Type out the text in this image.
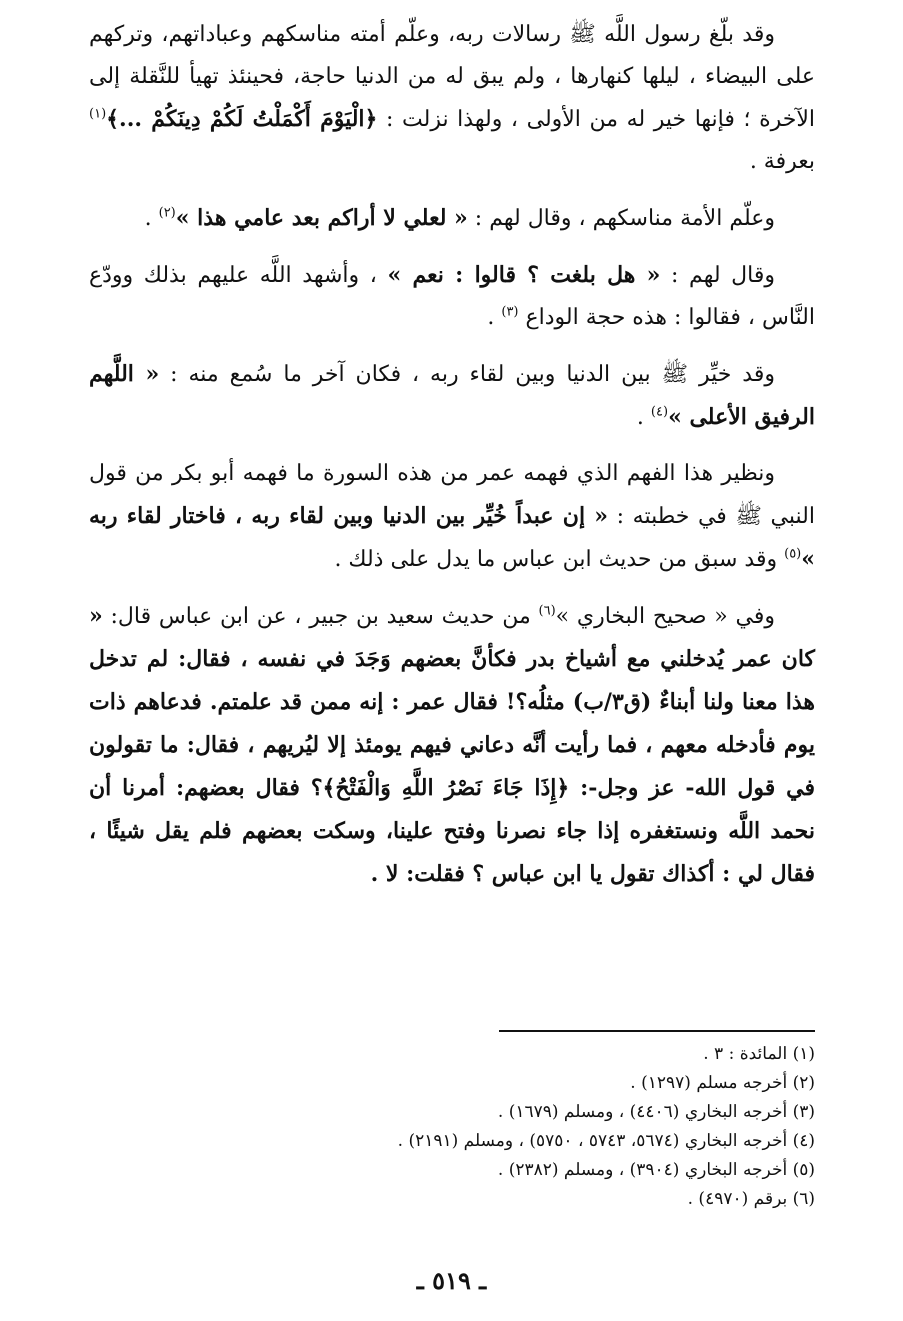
وقد بلّغ رسول اللَّه ﷺ رسالات ربه، وعلّم أمته مناسكهم وعباداتهم، وتركهم على البيضاء ، ليلها كنهارها ، ولم يبق له من الدنيا حاجة، فحينئذ تهيأ للنَّقلة إلى الآخرة ؛ فإنها خير له من الأولى ، ولهذا نزلت : ﴿الْيَوْمَ أَكْمَلْتُ لَكُمْ دِينَكُمْ ...﴾$^{(١)}$ بعرفة .

وعلّم الأمة مناسكهم ، وقال لهم : « لعلي لا أراكم بعد عامي هذا »$^{(٢)}$ .

وقال لهم : « هل بلغت ؟ قالوا : نعم » ، وأشهد اللَّه عليهم بذلك وودّع النَّاس ، فقالوا : هذه حجة الوداع $^{(٣)}$ .

وقد خيِّر ﷺ بين الدنيا وبين لقاء ربه ، فكان آخر ما سُمع منه : « اللَّهم الرفيق الأعلى »$^{(٤)}$ .

ونظير هذا الفهم الذي فهمه عمر من هذه السورة ما فهمه أبو بكر من قول النبي ﷺ في خطبته : « إن عبداً خُيِّر بين الدنيا وبين لقاء ربه ، فاختار لقاء ربه »$^{(٥)}$ وقد سبق من حديث ابن عباس ما يدل على ذلك .

وفي « صحيح البخاري »$^{(٦)}$ من حديث سعيد بن جبير ، عن ابن عباس قال: « كان عمر يُدخلني مع أشياخ بدر فكأنَّ بعضهم وَجَدَ في نفسه ، فقال: لم تدخل هذا معنا ولنا أبناءٌ (ق٣/ب) مثلُه؟! فقال عمر : إنه ممن قد علمتم. فدعاهم ذات يوم فأدخله معهم ، فما رأيت أنَّه دعاني فيهم يومئذ إلا ليُريهم ، فقال: ما تقولون في قول الله- عز وجل-: ﴿إِذَا جَاءَ نَصْرُ اللَّهِ وَالْفَتْحُ﴾؟ فقال بعضهم: أمرنا أن نحمد اللَّه ونستغفره إذا جاء نصرنا وفتح علينا، وسكت بعضهم فلم يقل شيئًا ، فقال لي : أكذاك تقول يا ابن عباس ؟ فقلت: لا .

(١) المائدة : ٣ .
(٢) أخرجه مسلم (١٢٩٧) .
(٣) أخرجه البخاري (٤٤٠٦) ، ومسلم (١٦٧٩) .
(٤) أخرجه البخاري (٥٦٧٤، ٥٧٤٣ ، ٥٧٥٠) ، ومسلم (٢١٩١) .
(٥) أخرجه البخاري (٣٩٠٤) ، ومسلم (٢٣٨٢) .
(٦) برقم (٤٩٧٠) .
ـ ٥١٩ ـ
